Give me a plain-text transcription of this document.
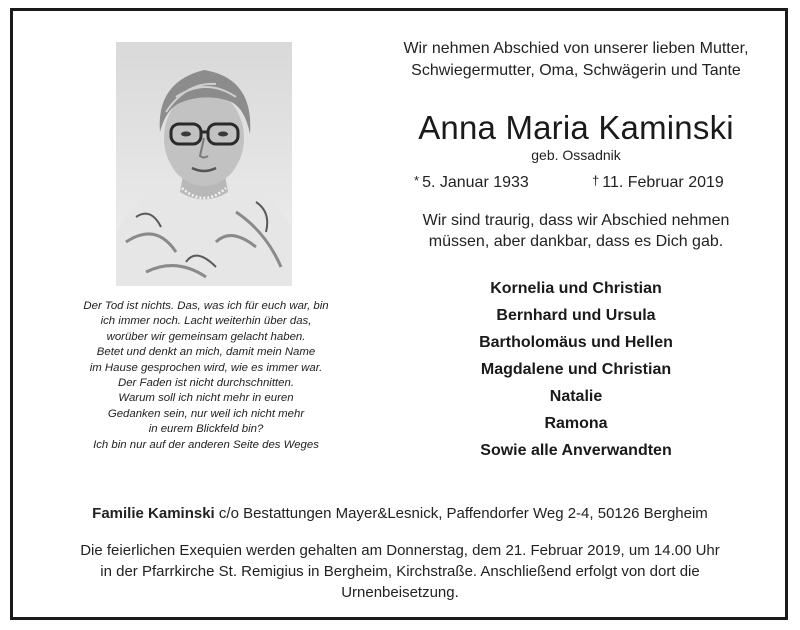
Der Tod ist nichts. Das, was ich für euch war, bin
ich immer noch. Lacht weiterhin über das,
worüber wir gemeinsam gelacht haben.
Betet und denkt an mich, damit mein Name
im Hause gesprochen wird, wie es immer war.
Der Faden ist nicht durchschnitten.
Warum soll ich nicht mehr in euren
Gedanken sein, nur weil ich nicht mehr
in eurem Blickfeld bin?
Ich bin nur auf der anderen Seite des Weges
Wir nehmen Abschied von unserer lieben Mutter,
Schwiegermutter, Oma, Schwägerin und Tante
Anna Maria Kaminski
geb. Ossadnik
* 5. Januar 1933	† 11. Februar 2019
Wir sind traurig, dass wir Abschied nehmen
müssen, aber dankbar, dass es Dich gab.
Kornelia und Christian
Bernhard und Ursula
Bartholomäus und Hellen
Magdalene und Christian
Natalie
Ramona
Sowie alle Anverwandten
Familie Kaminski c/o Bestattungen Mayer&Lesnick, Paffendorfer Weg 2-4, 50126 Bergheim
Die feierlichen Exequien werden gehalten am Donnerstag, dem 21. Februar 2019, um 14.00 Uhr
in der Pfarrkirche St. Remigius in Bergheim, Kirchstraße. Anschließend erfolgt von dort die
Urnenbeisetzung.
